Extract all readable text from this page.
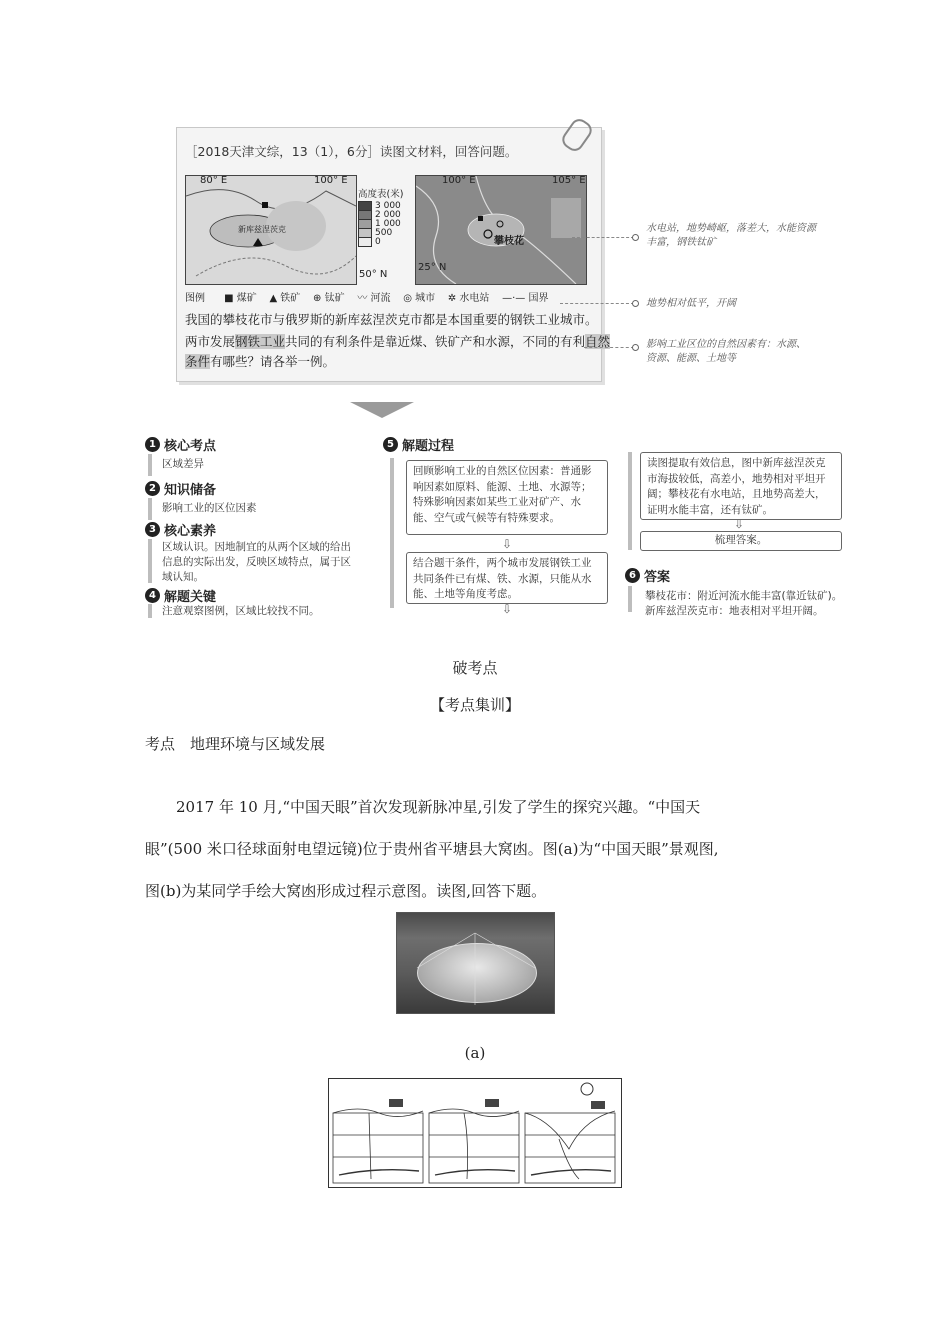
［2018天津文综，13（1），6分］读图文材料，回答问题。
80° E	100° E
新库兹涅茨克
高度表(米)
3 000
2 000
1 000
500
0
50° N
100° E	105° E
攀枝花
25° N
图例 ■ 煤矿 ▲ 铁矿 ⊕ 钛矿 〰 河流 ◎ 城市 ✲ 水电站 —·— 国界
我国的攀枝花市与俄罗斯的新库兹涅茨克市都是本国重要的钢铁工业城市。
两市发展钢铁工业共同的有利条件是靠近煤、铁矿产和水源，不同的有利自然
条件有哪些？请各举一例。
水电站，地势崎岖，落差大，水能资源
丰富，钢铁钛矿
地势相对低平，开阔
影响工业区位的自然因素有：水源、
资源、能源、土地等
1 核心考点
区域差异
2 知识储备
影响工业的区位因素
3 核心素养
区域认识。因地制宜的从两个区域的给出
信息的实际出发，反映区域特点，属于区
域认知。
4 解题关键
注意观察图例，区域比较找不同。
5 解题过程
回顾影响工业的自然区位因素：普通影
响因素如原料、能源、土地、水源等；
特殊影响因素如某些工业对矿产、水
能、空气或气候等有特殊要求。
⇩
结合题干条件，两个城市发展钢铁工业
共同条件已有煤、铁、水源，只能从水
能、土地等角度考虑。
⇩
读图提取有效信息，图中新库兹涅茨克
市海拔较低，高差小，地势相对平坦开
阔；攀枝花有水电站，且地势高差大，
证明水能丰富，还有钛矿。
⇩
梳理答案。
6 答案
攀枝花市：附近河流水能丰富(靠近钛矿)。
新库兹涅茨克市：地表相对平坦开阔。
破考点
【考点集训】
考点　地理环境与区域发展
2017 年 10 月,“中国天眼”首次发现新脉冲星,引发了学生的探究兴趣。“中国天
眼”(500 米口径球面射电望远镜)位于贵州省平塘县大窝凼。图(a)为“中国天眼”景观图,
图(b)为某同学手绘大窝凼形成过程示意图。读图,回答下题。
(a)
